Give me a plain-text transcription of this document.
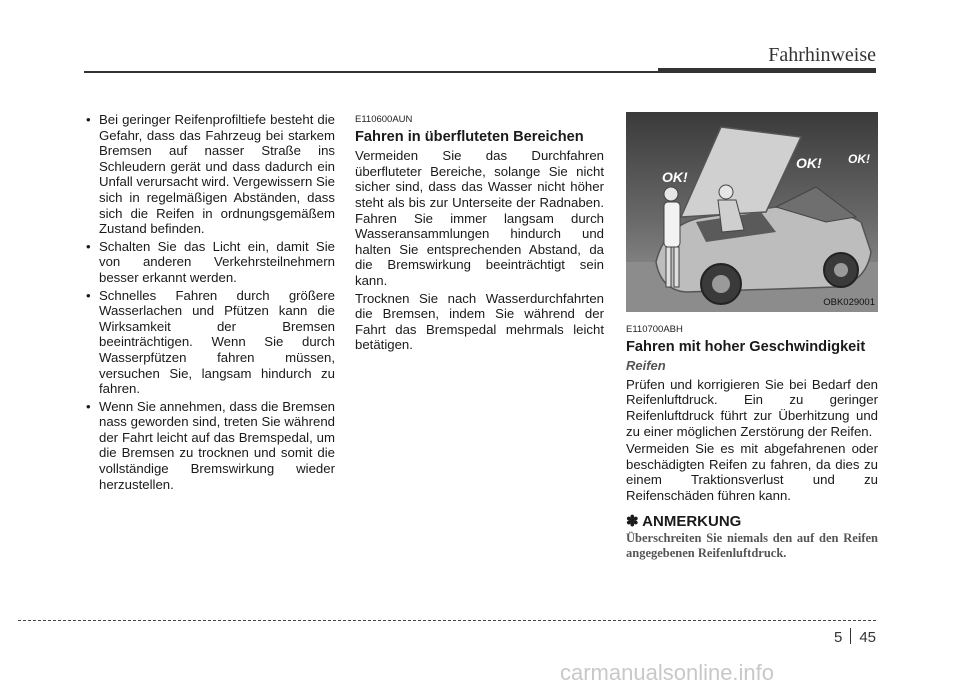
Fahrhinweise
• Bei geringer Reifenprofiltiefe besteht die Gefahr, dass das Fahrzeug bei starkem Bremsen auf nasser Straße ins Schleudern gerät und dass dadurch ein Unfall verursacht wird. Vergewissern Sie sich in regelmäßigen Abständen, dass sich die Reifen in ordnungsgemäßem Zustand befinden.
• Schalten Sie das Licht ein, damit Sie von anderen Verkehrsteilnehmern besser erkannt werden.
• Schnelles Fahren durch größere Wasserlachen und Pfützen kann die Wirksamkeit der Bremsen beeinträchtigen. Wenn Sie durch Wasserpfützen fahren müssen, versuchen Sie, langsam hindurch zu fahren.
• Wenn Sie annehmen, dass die Bremsen nass geworden sind, treten Sie während der Fahrt leicht auf das Bremspedal, um die Bremsen zu trocknen und somit die vollständige Bremswirkung wieder herzustellen.
E110600AUN
Fahren in überfluteten Bereichen

Vermeiden Sie das Durchfahren überfluteter Bereiche, solange Sie nicht sicher sind, dass das Wasser nicht höher steht als bis zur Unterseite der Radnaben. Fahren Sie immer langsam durch Wasseransammlungen hindurch und halten Sie entsprechenden Abstand, da die Bremswirkung beeinträchtigt sein kann.

Trocknen Sie nach Wasserdurchfahrten die Bremsen, indem Sie während der Fahrt das Bremspedal mehrmals leicht betätigen.

OK!
OK! OK!
OBK029001
E110700ABH
Fahren mit hoher Geschwindigkeit
Reifen

Prüfen und korrigieren Sie bei Bedarf den Reifenluftdruck. Ein zu geringer Reifenluftdruck führt zur Überhitzung und zu einer möglichen Zerstörung der Reifen.

Vermeiden Sie es mit abgefahrenen oder beschädigten Reifen zu fahren, da dies zu einem Traktionsverlust und zu Reifenschäden führen kann.

✽ ANMERKUNG
Überschreiten Sie niemals den auf den Reifen angegebenen Reifenluftdruck.
5 45
carmanualsonline.info
